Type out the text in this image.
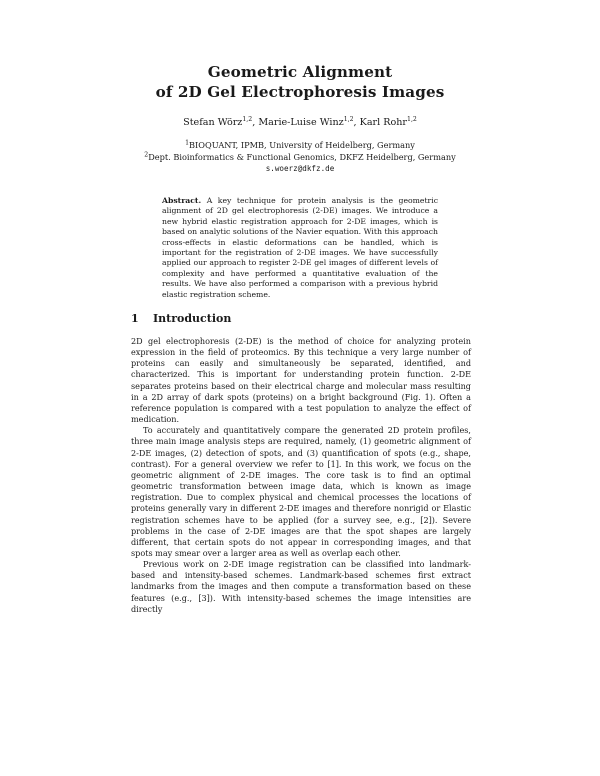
Geometric Alignment
of 2D Gel Electrophoresis Images
Stefan Wörz$^{1,2}$, Marie-Luise Winz$^{1,2}$, Karl Rohr$^{1,2}$
$^1$BIOQUANT, IPMB, University of Heidelberg, Germany
$^2$Dept. Bioinformatics & Functional Genomics, DKFZ Heidelberg, Germany
s.woerz@dkfz.de
Abstract. A key technique for protein analysis is the geometric alignment of 2D gel electrophoresis (2-DE) images. We introduce a new hybrid elastic registration approach for 2-DE images, which is based on analytic solutions of the Navier equation. With this approach cross-effects in elastic deformations can be handled, which is important for the registration of 2-DE images. We have successfully applied our approach to register 2-DE gel images of different levels of complexity and have performed a quantitative evaluation of the results. We have also performed a comparison with a previous hybrid elastic registration scheme.
1 Introduction

2D gel electrophoresis (2-DE) is the method of choice for analyzing protein expression in the field of proteomics. By this technique a very large number of proteins can easily and simultaneously be separated, identified, and characterized. This is important for understanding protein function. 2-DE separates proteins based on their electrical charge and molecular mass resulting in a 2D array of dark spots (proteins) on a bright background (Fig. 1). Often a reference population is compared with a test population to analyze the effect of medication.

To accurately and quantitatively compare the generated 2D protein profiles, three main image analysis steps are required, namely, (1) geometric alignment of 2-DE images, (2) detection of spots, and (3) quantification of spots (e.g., shape, contrast). For a general overview we refer to [1]. In this work, we focus on the geometric alignment of 2-DE images. The core task is to find an optimal geometric transformation between image data, which is known as image registration. Due to complex physical and chemical processes the locations of proteins generally vary in different 2-DE images and therefore nonrigid or Elastic registration schemes have to be applied (for a survey see, e.g., [2]). Severe problems in the case of 2-DE images are that the spot shapes are largely different, that certain spots do not appear in corresponding images, and that spots may smear over a larger area as well as overlap each other.

Previous work on 2-DE image registration can be classified into landmark-based and intensity-based schemes. Landmark-based schemes first extract landmarks from the images and then compute a transformation based on these features (e.g., [3]). With intensity-based schemes the image intensities are directly
